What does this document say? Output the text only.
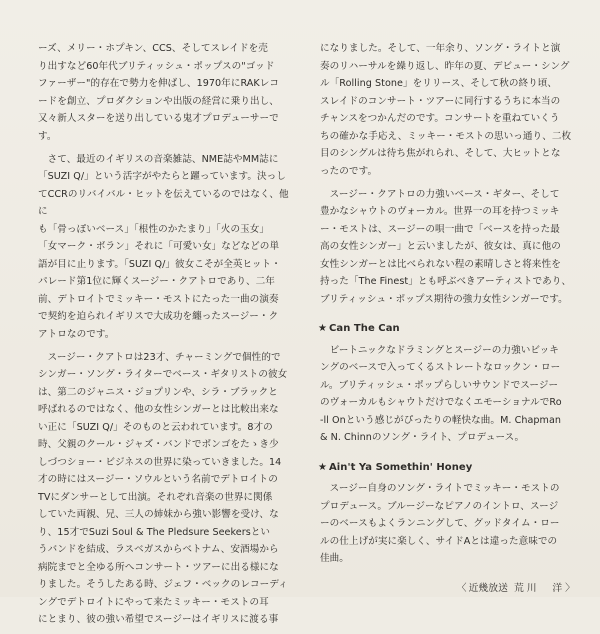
ーズ、メリー・ホプキン、CCS、そしてスレイドを売
り出すなど60年代ブリティッシュ・ポップスの"ゴッド
ファーザー"的存在で勢力を伸ばし、1970年にRAKレコ
ードを創立、プロダクションや出版の経営に乗り出し、
又々新人スターを送り出している鬼才プロデューサーで
す。

さて、最近のイギリスの音楽雑誌、NME誌やMM誌に
「SUZI Q/」という活字がやたらと躍っています。決っし
てCCRのリバイバル・ヒットを伝えているのではなく、他に
も「骨っぽいベース」「根性のかたまり」「火の玉女」
「女マーク・ボラン」それに「可愛い女」などなどの単
語が目に止ります。「SUZI Q/」彼女こそが全英ヒット・
パレード第1位に輝くスージー・クアトロであり、二年
前、デトロイトでミッキー・モストにたった一曲の演奏
で契約を迫られイギリスで大成功を纏ったスージー・ク
アトロなのです。

スージー・クアトロは23才、チャーミングで個性的で
シンガー・ソング・ライターでベース・ギタリストの彼女
は、第二のジャニス・ジョプリンや、シラ・ブラックと
呼ばれるのではなく、他の女性シンガーとは比較出来な
い正に「SUZI Q/」そのものと云われています。8才の
時、父親のクール・ジャズ・バンドでボンゴをたゝき少
しづつショー・ビジネスの世界に染っていきました。14
才の時にはスージー・ソウルという名前でデトロイトの
TVにダンサーとして出演。それぞれ音楽の世界に関係
していた両親、兄、三人の姉妹から強い影響を受け、な
り、15才でSuzi Soul & The Pledsure Seekersとい
うバンドを結成、ラスベガスからベトナム、安酒場から
病院までと全ゆる所へコンサート・ツアーに出る様にな
りました。そうしたある時、ジェフ・ベックのレコーディ
ングでデトロイトにやって来たミッキー・モストの耳
にとまり、彼の強い希望でスージーはイギリスに渡る事

になりました。そして、一年余り、ソング・ライトと演
奏のリハーサルを繰り返し、昨年の夏、デビュー・シング
ル「Rolling Stone」をリリース、そして秋の終り頃、
スレイドのコンサート・ツアーに同行するうちに本当の
チャンスをつかんだのです。コンサートを重ねていくう
ちの確かな手応え、ミッキー・モストの思いっ通り、二枚
目のシングルは待ち焦がれられ、そして、大ヒットとな
ったのです。

スージー・クアトロの力強いベース・ギター、そして
豊かなシャウトのヴォーカル。世界一の耳を持つミッキ
ー・モストは、スージーの唄一曲で「ベースを持った最
高の女性シンガー」と云いましたが、彼女は、真に他の
女性シンガーとは比べられない程の素晴しさと将来性を
持った「The Finest」とも呼ぶべきアーティストであり、
ブリティッシュ・ポップス期待の強力女性シンガーです。

★ Can The Can

ビートニックなドラミングとスージーの力強いビッキ
ングのベースで入ってくるストレートなロックン・ロー
ル。ブリティッシュ・ポップらしいサウンドでスージー
のヴォーカルもシャウトだけでなくエモーショナルでRo
-ll Onという感じがぴったりの軽快な曲。M. Chapman
& N. Chinnのソング・ライト、プロデュース。

★ Ain't Ya Somethin' Honey

スージー自身のソング・ライトでミッキー・モストの
プロデュース。ブルージーなピアノのイントロ、スージ
ーのベースもよくランニングして、グッドタイム・ロー
ルの仕上げが実に楽しく、サイドAとは違った意味での
佳曲。

〈 近幾放送 荒川　洋〉
